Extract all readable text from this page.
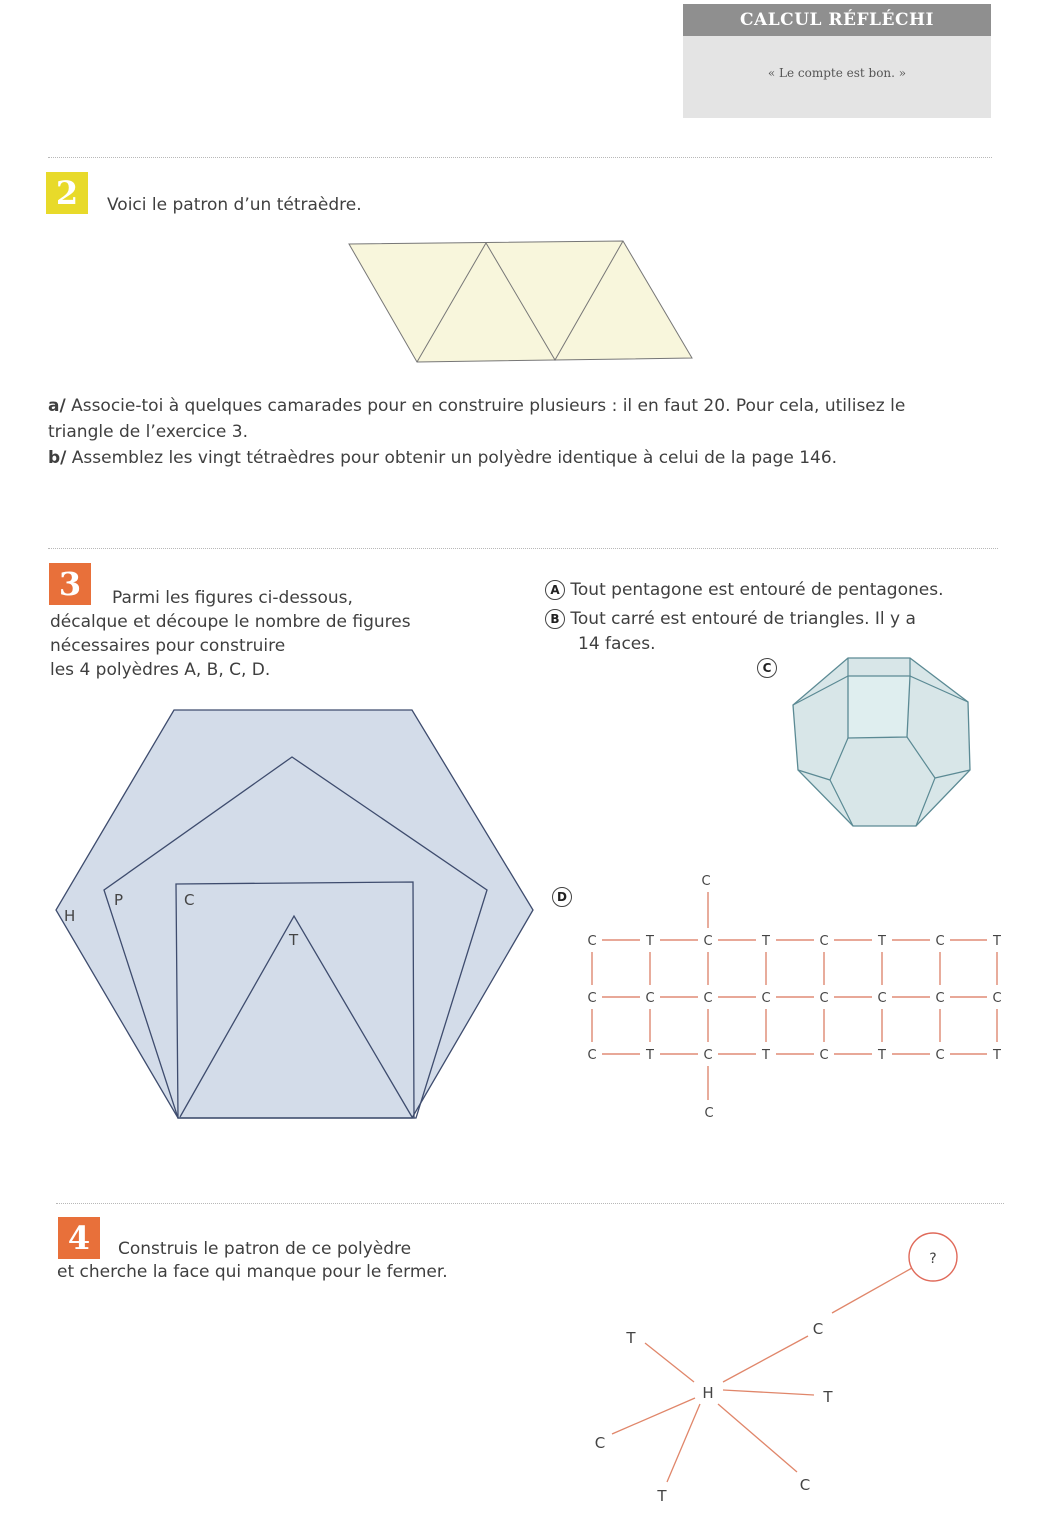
CALCUL RÉFLÉCHI
« Le compte est bon. »
2	Voici le patron d’un tétraèdre.
a/ Associe-toi à quelques camarades pour en construire plusieurs : il en faut 20. Pour cela, utilisez le
triangle de l’exercice 3.
b/ Assemblez les vingt tétraèdres pour obtenir un polyèdre identique à celui de la page 146.
3	Parmi les figures ci-dessous,
décalque et découpe le nombre de figures
nécessaires pour construire
les 4 polyèdres A, B, C, D.
A Tout pentagone est entouré de pentagones.
B Tout carré est entouré de triangles. Il y a
14 faces.
H
P	C
T
C
D
C	T	C	T	C	T	C	T
C	C	C	C	C	C	C	C
C	T	C	T	C	T	C	T
C
C
4	Construis le patron de ce polyèdre
et cherche la face qui manque pour le fermer.
?
H
T	C
T
C
T
C
